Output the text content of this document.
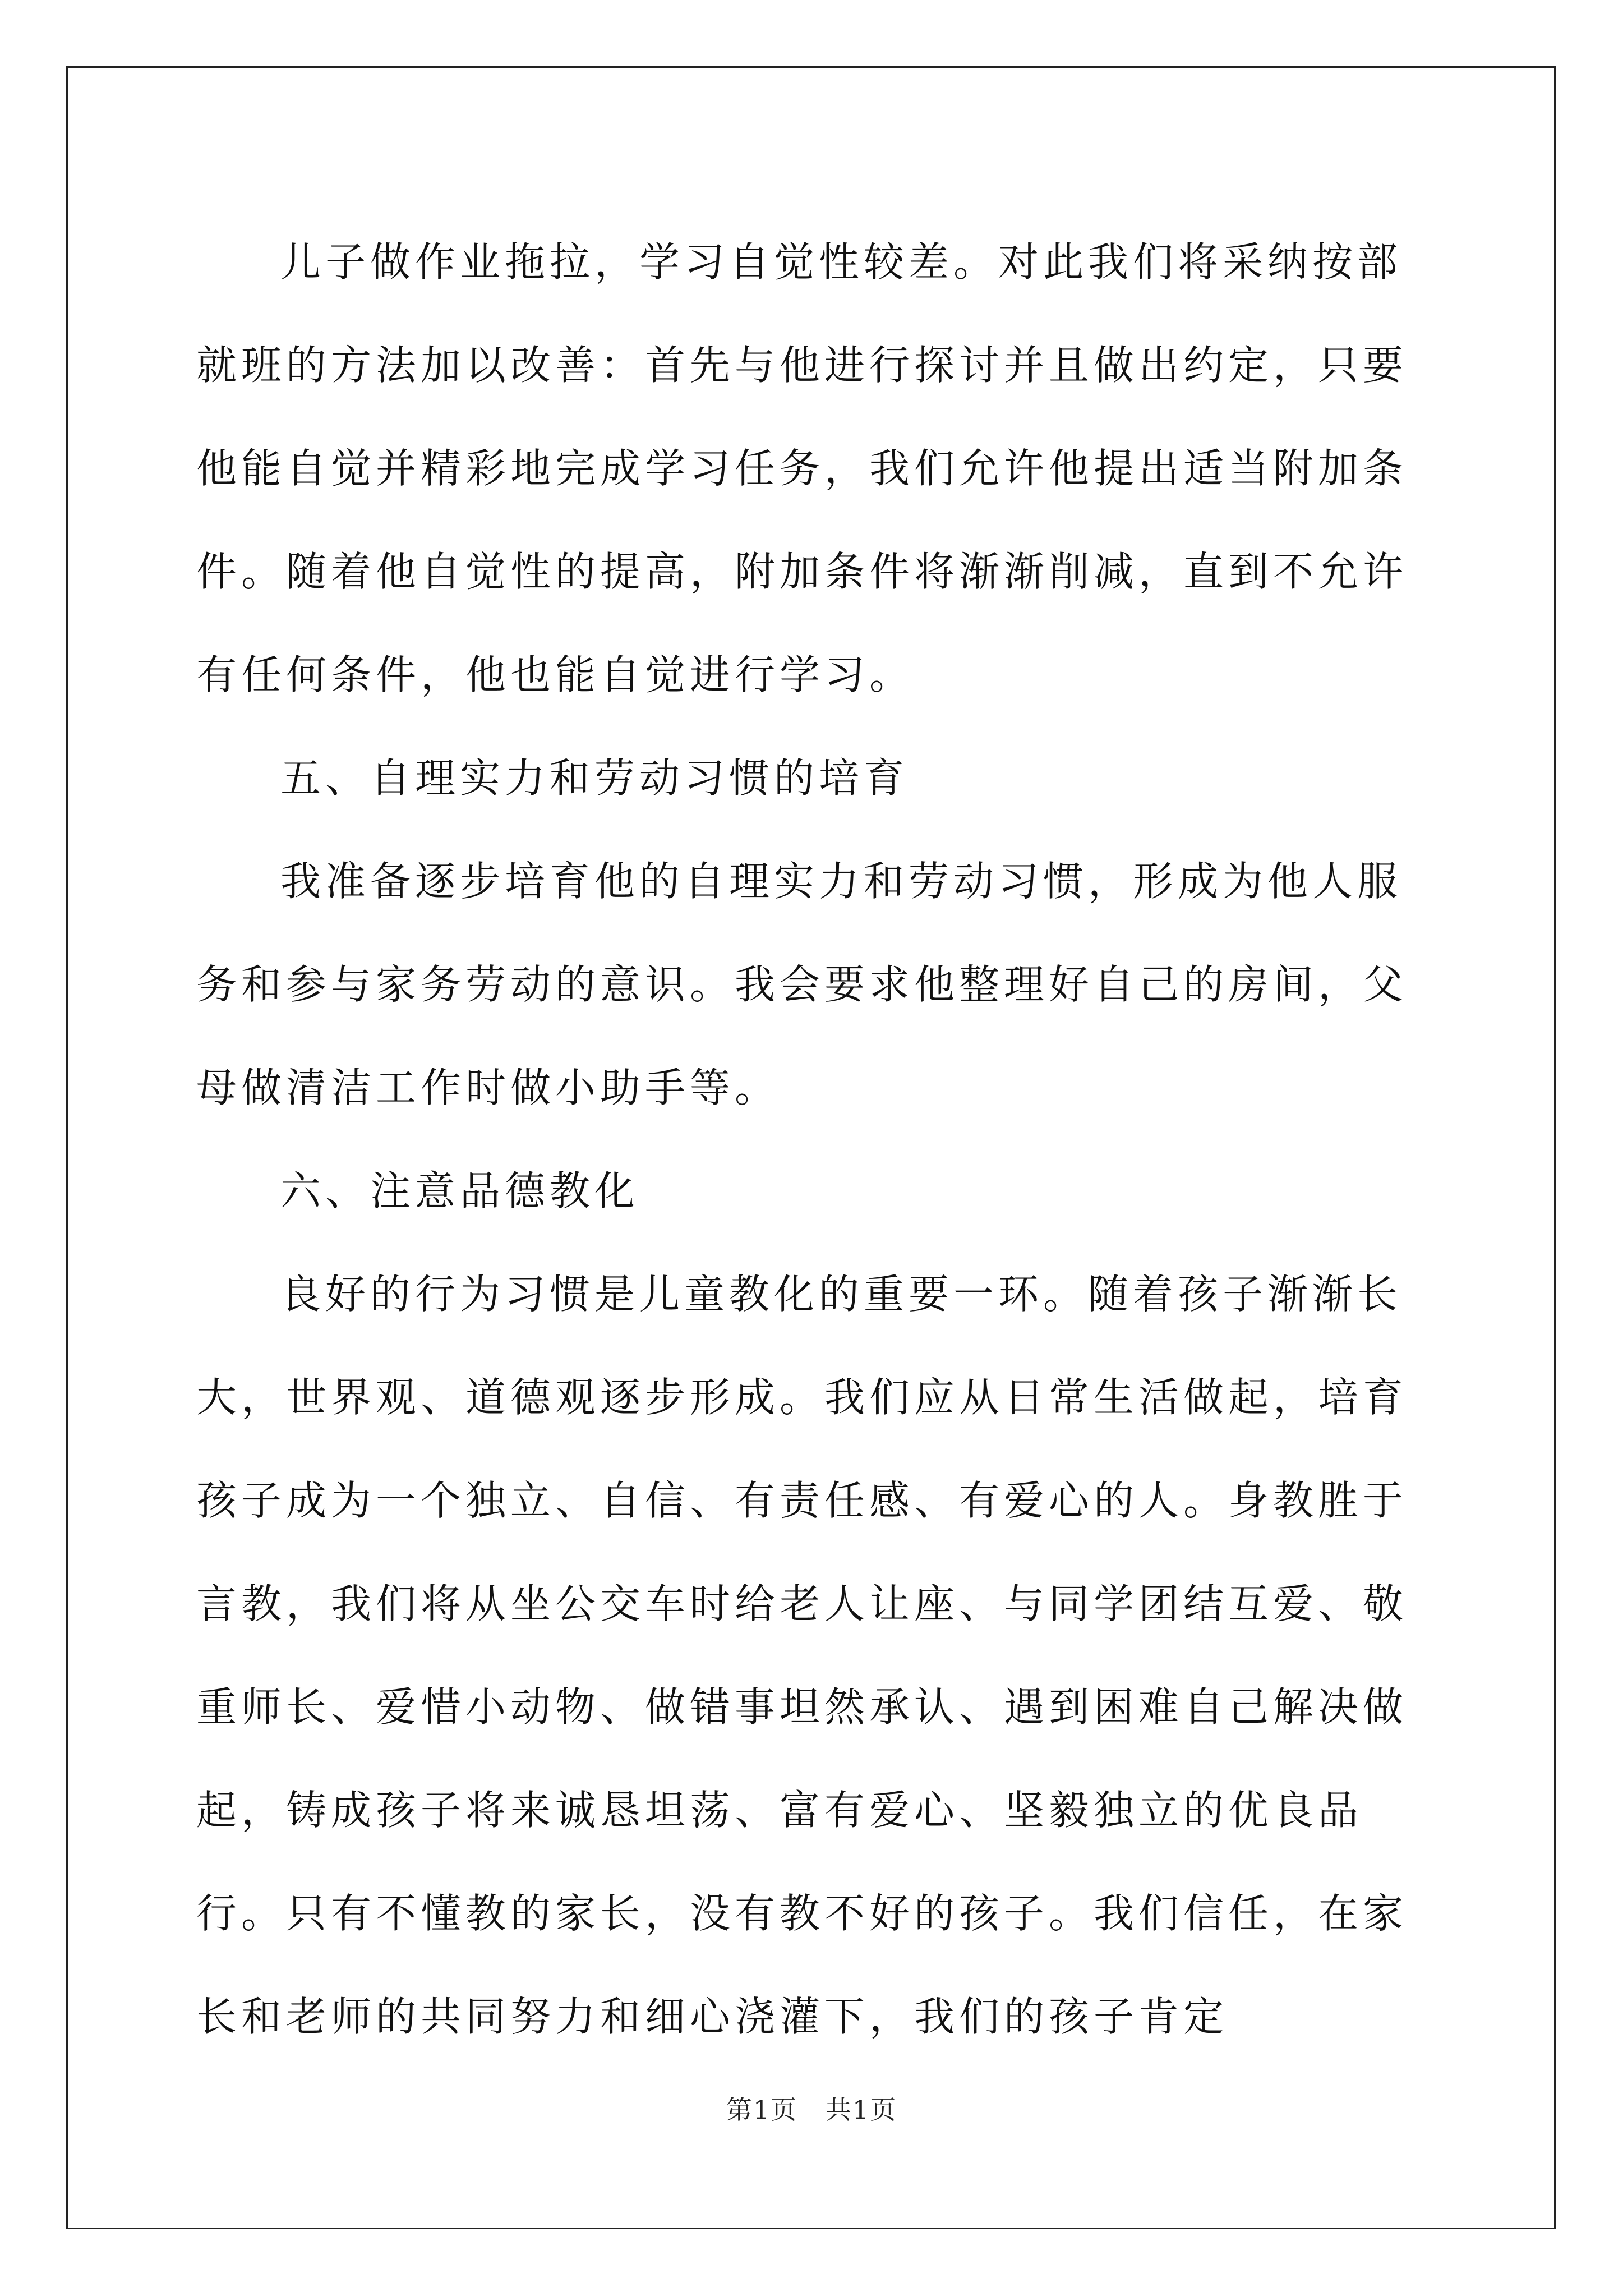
儿子做作业拖拉，学习自觉性较差。对此我们将采纳按部就班的方法加以改善：首先与他进行探讨并且做出约定，只要他能自觉并精彩地完成学习任务，我们允许他提出适当附加条件。随着他自觉性的提高，附加条件将渐渐削减，直到不允许有任何条件，他也能自觉进行学习。

五、自理实力和劳动习惯的培育

我准备逐步培育他的自理实力和劳动习惯，形成为他人服务和参与家务劳动的意识。我会要求他整理好自己的房间，父母做清洁工作时做小助手等。

六、注意品德教化

良好的行为习惯是儿童教化的重要一环。随着孩子渐渐长大，世界观、道德观逐步形成。我们应从日常生活做起，培育孩子成为一个独立、自信、有责任感、有爱心的人。身教胜于言教，我们将从坐公交车时给老人让座、与同学团结互爱、敬重师长、爱惜小动物、做错事坦然承认、遇到困难自己解决做起，铸成孩子将来诚恳坦荡、富有爱心、坚毅独立的优良品行。只有不懂教的家长，没有教不好的孩子。我们信任，在家长和老师的共同努力和细心浇灌下，我们的孩子肯定

第1页   共1页
